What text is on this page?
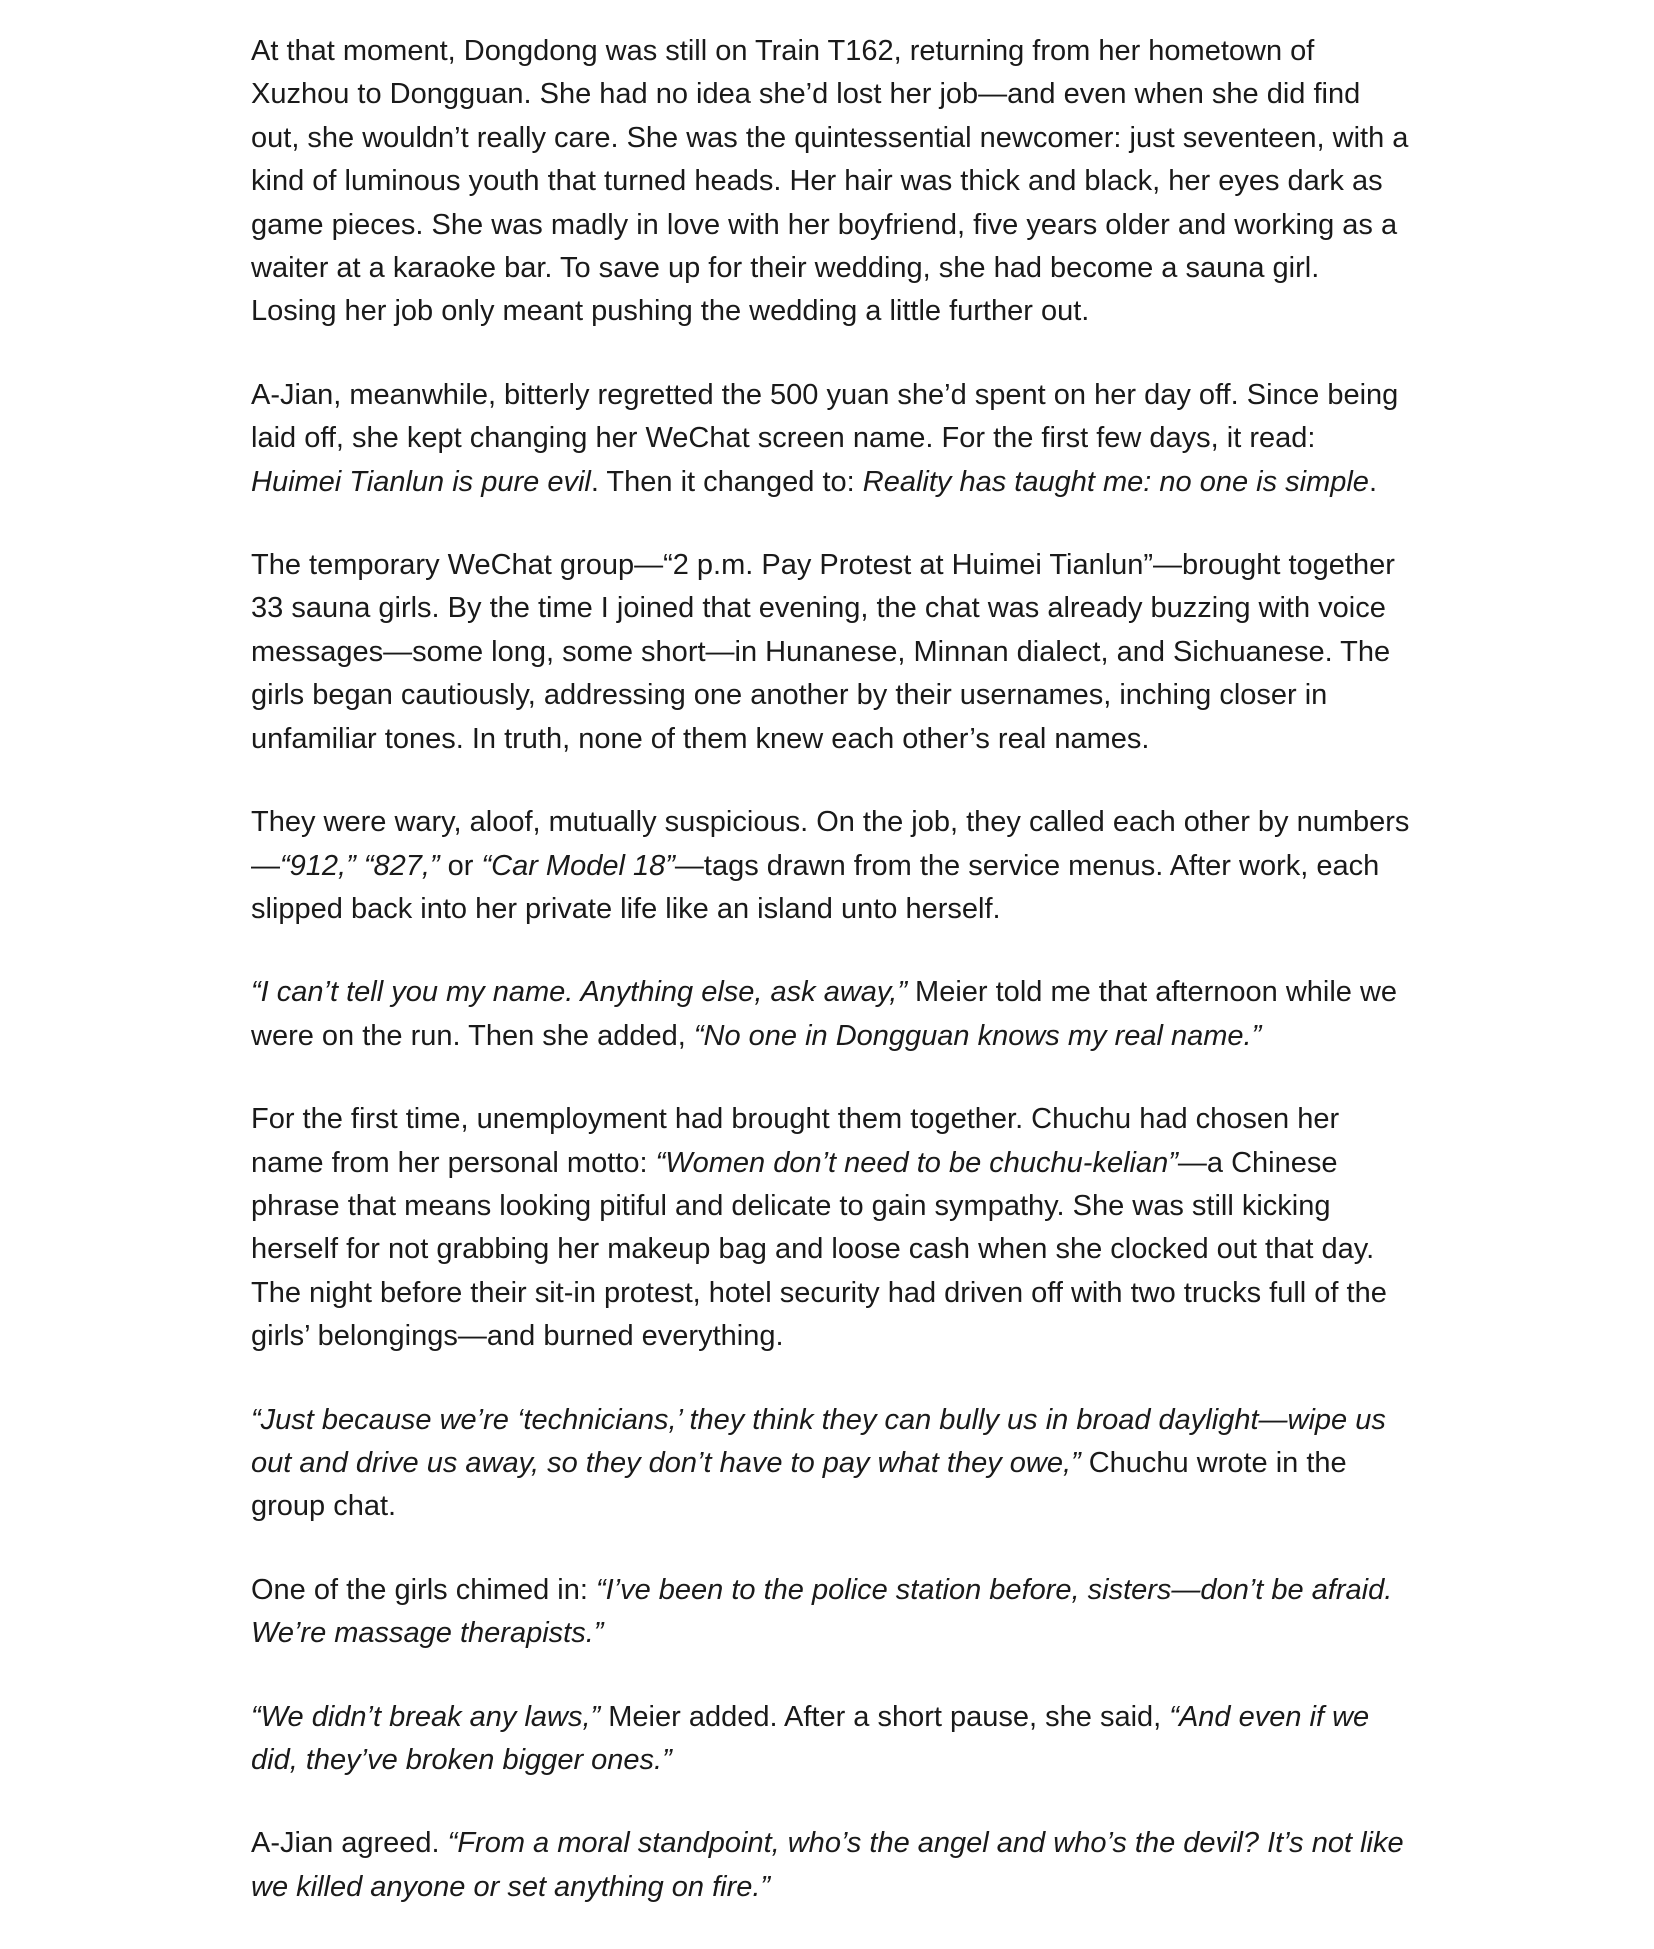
At that moment, Dongdong was still on Train T162, returning from her hometown of Xuzhou to Dongguan. She had no idea she’d lost her job—and even when she did find out, she wouldn’t really care. She was the quintessential newcomer: just seventeen, with a kind of luminous youth that turned heads. Her hair was thick and black, her eyes dark as game pieces. She was madly in love with her boyfriend, five years older and working as a waiter at a karaoke bar. To save up for their wedding, she had become a sauna girl. Losing her job only meant pushing the wedding a little further out.

A-Jian, meanwhile, bitterly regretted the 500 yuan she’d spent on her day off. Since being laid off, she kept changing her WeChat screen name. For the first few days, it read: Huimei Tianlun is pure evil. Then it changed to: Reality has taught me: no one is simple.

The temporary WeChat group—“2 p.m. Pay Protest at Huimei Tianlun”—brought together 33 sauna girls. By the time I joined that evening, the chat was already buzzing with voice messages—some long, some short—in Hunanese, Minnan dialect, and Sichuanese. The girls began cautiously, addressing one another by their usernames, inching closer in unfamiliar tones. In truth, none of them knew each other’s real names.

They were wary, aloof, mutually suspicious. On the job, they called each other by numbers—“912,” “827,” or “Car Model 18”—tags drawn from the service menus. After work, each slipped back into her private life like an island unto herself.

“I can’t tell you my name. Anything else, ask away,” Meier told me that afternoon while we were on the run. Then she added, “No one in Dongguan knows my real name.”

For the first time, unemployment had brought them together. Chuchu had chosen her name from her personal motto: “Women don’t need to be chuchu-kelian”—a Chinese phrase that means looking pitiful and delicate to gain sympathy. She was still kicking herself for not grabbing her makeup bag and loose cash when she clocked out that day. The night before their sit-in protest, hotel security had driven off with two trucks full of the girls’ belongings—and burned everything.

“Just because we’re ‘technicians,’ they think they can bully us in broad daylight—wipe us out and drive us away, so they don’t have to pay what they owe,” Chuchu wrote in the group chat.

One of the girls chimed in: “I’ve been to the police station before, sisters—don’t be afraid. We’re massage therapists.”

“We didn’t break any laws,” Meier added. After a short pause, she said, “And even if we did, they’ve broken bigger ones.”

A-Jian agreed. “From a moral standpoint, who’s the angel and who’s the devil? It’s not like we killed anyone or set anything on fire.”
